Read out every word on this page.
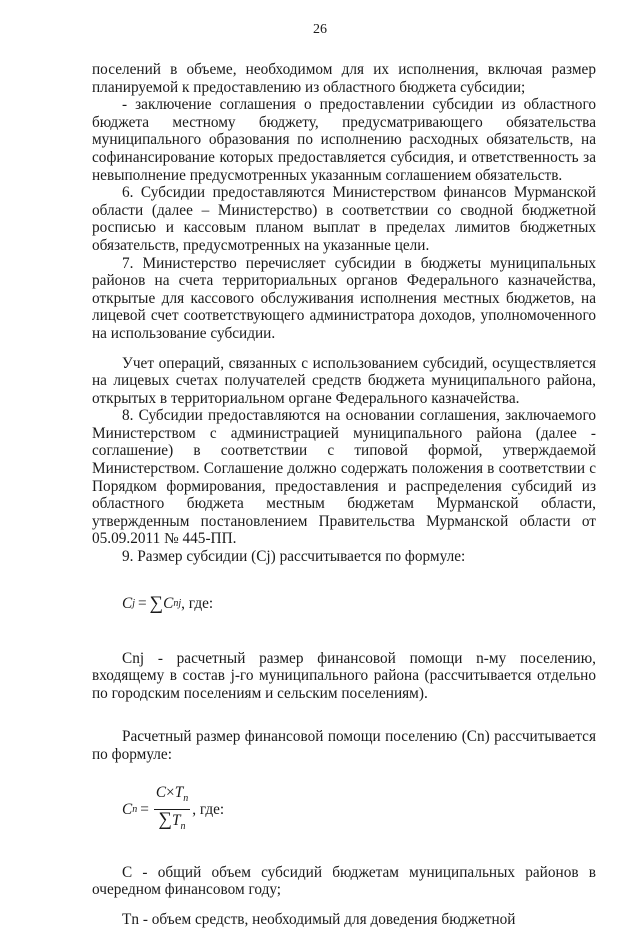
26

поселений в объеме, необходимом для их исполнения, включая размер планируемой к предоставлению из областного бюджета субсидии;

- заключение соглашения о предоставлении субсидии из областного бюджета местному бюджету, предусматривающего обязательства муниципального образования по исполнению расходных обязательств, на софинансирование которых предоставляется субсидия, и ответственность за невыполнение предусмотренных указанным соглашением обязательств.

6. Субсидии предоставляются Министерством финансов Мурманской области (далее – Министерство) в соответствии со сводной бюджетной росписью и кассовым планом выплат в пределах лимитов бюджетных обязательств, предусмотренных на указанные цели.

7. Министерство перечисляет субсидии в бюджеты муниципальных районов на счета территориальных органов Федерального казначейства, открытые для кассового обслуживания исполнения местных бюджетов, на лицевой счет соответствующего администратора доходов, уполномоченного на использование субсидии.

Учет операций, связанных с использованием субсидий, осуществляется на лицевых счетах получателей средств бюджета муниципального района, открытых в территориальном органе Федерального казначейства.

8. Субсидии предоставляются на основании соглашения, заключаемого Министерством с администрацией муниципального района (далее - соглашение) в соответствии с типовой формой, утверждаемой Министерством. Соглашение должно содержать положения в соответствии с Порядком формирования, предоставления и распределения субсидий из областного бюджета местным бюджетам Мурманской области, утвержденным постановлением Правительства Мурманской области от 05.09.2011 № 445-ПП.

9. Размер субсидии (Cj) рассчитывается по формуле:

C j = ∑ C nj , где:

Cnj - расчетный размер финансовой помощи n-му поселению, входящему в состав j-го муниципального района (рассчитывается отдельно по городским поселениям и сельским поселениям).

Расчетный размер финансовой помощи поселению (Cn) рассчитывается по формуле:

C $n = \frac{C\times T_n}{\sum T_n}$ , где:

С - общий объем субсидий бюджетам муниципальных районов в очередном финансовом году;

Tn - объем средств, необходимый для доведения бюджетной
